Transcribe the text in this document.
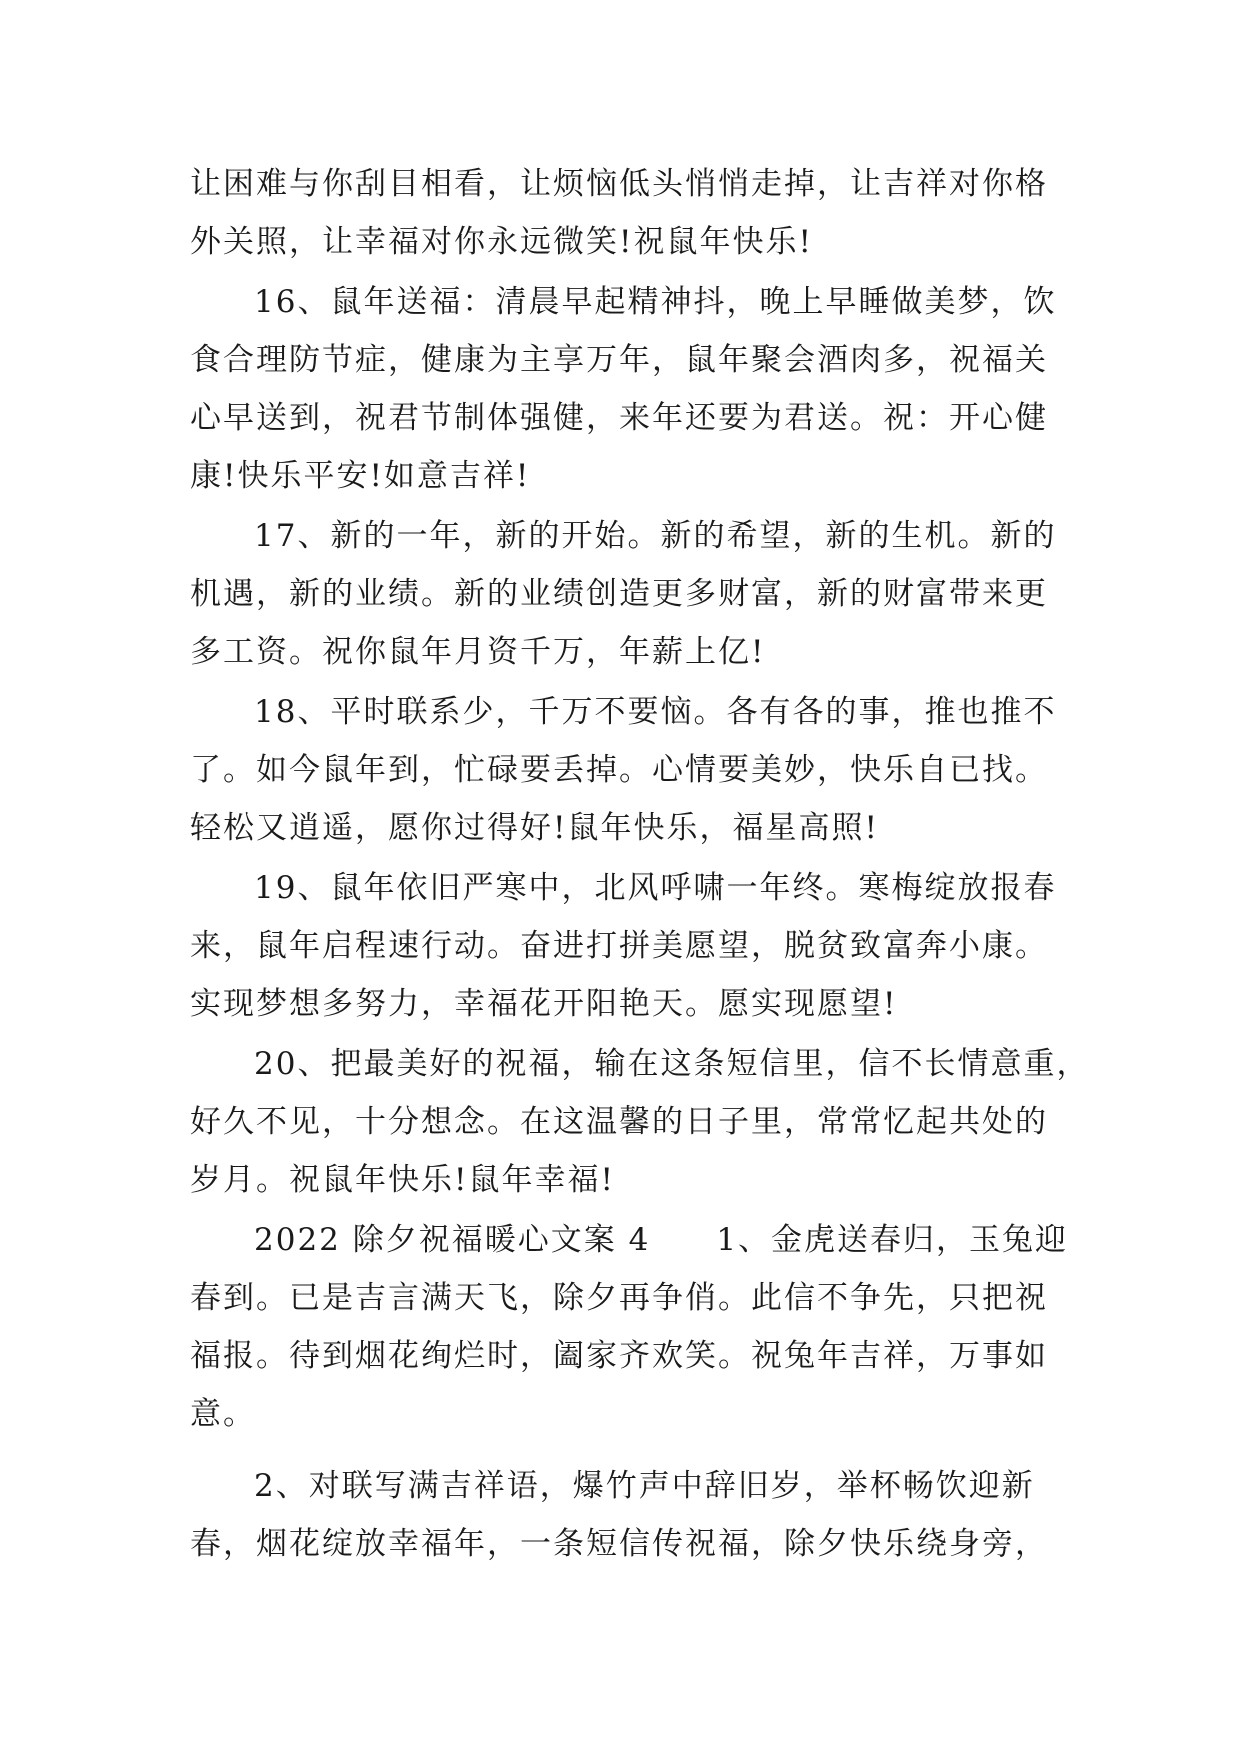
让困难与你刮目相看，让烦恼低头悄悄走掉，让吉祥对你格
外关照，让幸福对你永远微笑!祝鼠年快乐!
16、鼠年送福：清晨早起精神抖，晚上早睡做美梦，饮
食合理防节症，健康为主享万年，鼠年聚会酒肉多，祝福关
心早送到，祝君节制体强健，来年还要为君送。祝：开心健
康!快乐平安!如意吉祥!
17、新的一年，新的开始。新的希望，新的生机。新的
机遇，新的业绩。新的业绩创造更多财富，新的财富带来更
多工资。祝你鼠年月资千万，年薪上亿!
18、平时联系少，千万不要恼。各有各的事，推也推不
了。如今鼠年到，忙碌要丢掉。心情要美妙，快乐自已找。
轻松又逍遥，愿你过得好!鼠年快乐，福星高照!
19、鼠年依旧严寒中，北风呼啸一年终。寒梅绽放报春
来，鼠年启程速行动。奋进打拼美愿望，脱贫致富奔小康。
实现梦想多努力，幸福花开阳艳天。愿实现愿望!
20、把最美好的祝福，输在这条短信里，信不长情意重，
好久不见，十分想念。在这温馨的日子里，常常忆起共处的
岁月。祝鼠年快乐!鼠年幸福!
2022 除夕祝福暖心文案 4　　1、金虎送春归，玉兔迎
春到。已是吉言满天飞，除夕再争俏。此信不争先，只把祝
福报。待到烟花绚烂时，阖家齐欢笑。祝兔年吉祥，万事如
意。
2、对联写满吉祥语，爆竹声中辞旧岁，举杯畅饮迎新
春，烟花绽放幸福年，一条短信传祝福，除夕快乐绕身旁，
